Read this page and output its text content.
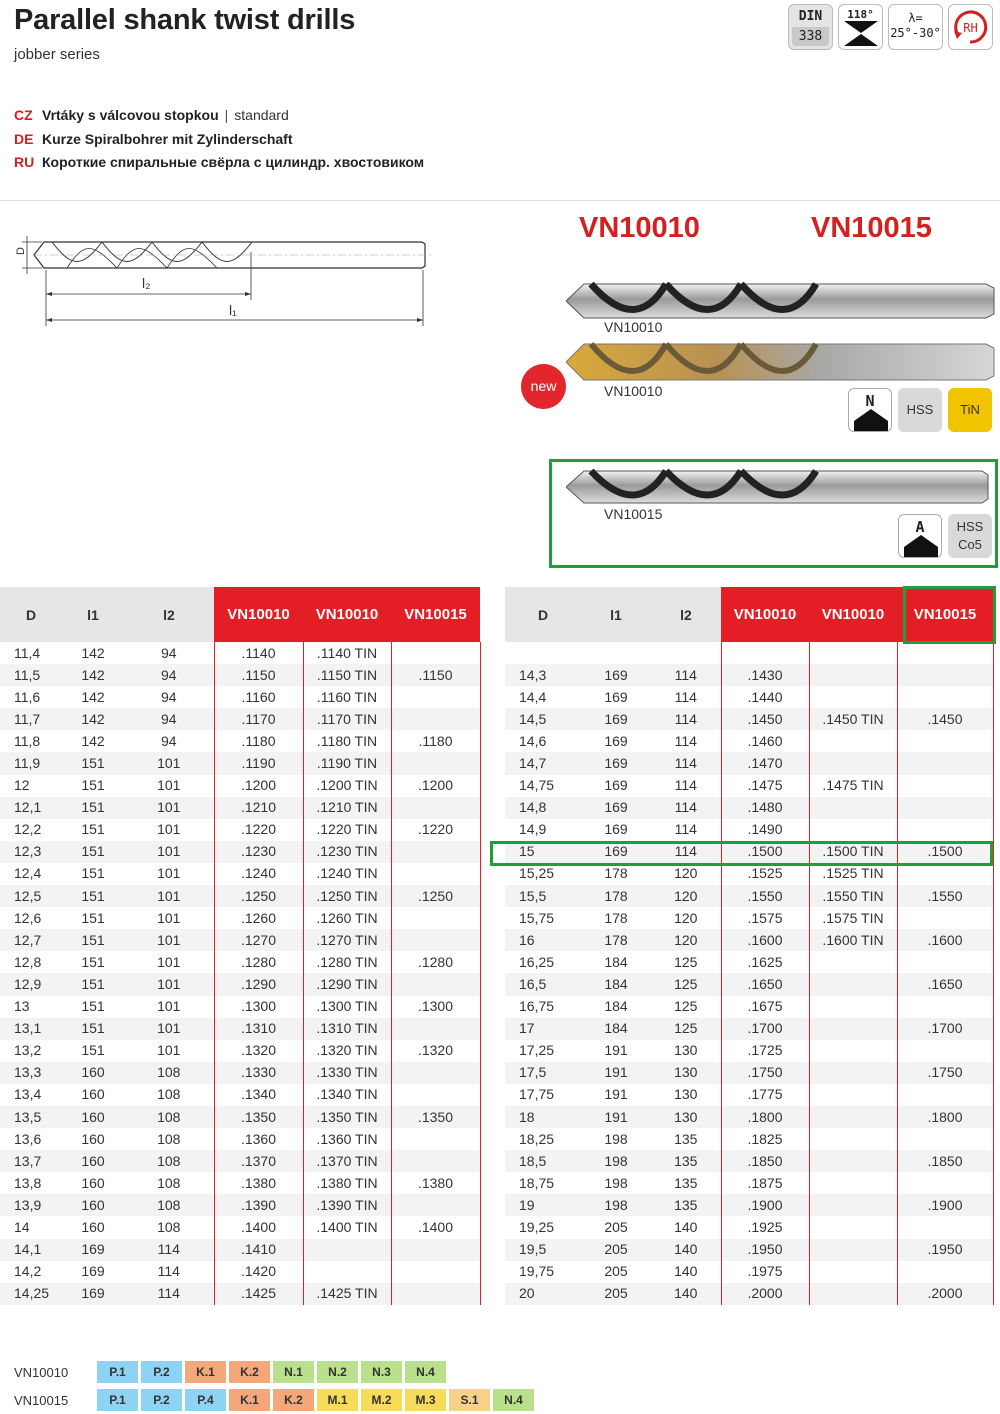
Parallel shank twist drills
jobber series
CZ Vrtáky s válcovou stopkou | standard
DE Kurze Spiralbohrer mit Zylinderschaft
RU Короткие спиральные свёрла с цилиндр. хвостовиком
DIN
338
118°	λ=
25°-30°	RH
D
l₂
l₁
VN10010	VN10015
VN10010
new	VN10010
N	HSS	TiN
VN10015
A	HSS
Co5
D	l1	l2	VN10010	VN10010	VN10015
11,4	142	94	.1140	.1140 TIN	
11,5	142	94	.1150	.1150 TIN	.1150
11,6	142	94	.1160	.1160 TIN	
11,7	142	94	.1170	.1170 TIN	
11,8	142	94	.1180	.1180 TIN	.1180
11,9	151	101	.1190	.1190 TIN	
12	151	101	.1200	.1200 TIN	.1200
12,1	151	101	.1210	.1210 TIN	
12,2	151	101	.1220	.1220 TIN	.1220
12,3	151	101	.1230	.1230 TIN	
12,4	151	101	.1240	.1240 TIN	
12,5	151	101	.1250	.1250 TIN	.1250
12,6	151	101	.1260	.1260 TIN	
12,7	151	101	.1270	.1270 TIN	
12,8	151	101	.1280	.1280 TIN	.1280
12,9	151	101	.1290	.1290 TIN	
13	151	101	.1300	.1300 TIN	.1300
13,1	151	101	.1310	.1310 TIN	
13,2	151	101	.1320	.1320 TIN	.1320
13,3	160	108	.1330	.1330 TIN	
13,4	160	108	.1340	.1340 TIN	
13,5	160	108	.1350	.1350 TIN	.1350
13,6	160	108	.1360	.1360 TIN	
13,7	160	108	.1370	.1370 TIN	
13,8	160	108	.1380	.1380 TIN	.1380
13,9	160	108	.1390	.1390 TIN	
14	160	108	.1400	.1400 TIN	.1400
14,1	169	114	.1410		
14,2	169	114	.1420		
14,25	169	114	.1425	.1425 TIN	
D	l1	l2	VN10010	VN10010	VN10015

14,3	169	114	.1430		
14,4	169	114	.1440		
14,5	169	114	.1450	.1450 TIN	.1450
14,6	169	114	.1460		
14,7	169	114	.1470		
14,75	169	114	.1475	.1475 TIN	
14,8	169	114	.1480		
14,9	169	114	.1490		
15	169	114	.1500	.1500 TIN	.1500
15,25	178	120	.1525	.1525 TIN	
15,5	178	120	.1550	.1550 TIN	.1550
15,75	178	120	.1575	.1575 TIN	
16	178	120	.1600	.1600 TIN	.1600
16,25	184	125	.1625		
16,5	184	125	.1650		.1650
16,75	184	125	.1675		
17	184	125	.1700		.1700
17,25	191	130	.1725		
17,5	191	130	.1750		.1750
17,75	191	130	.1775		
18	191	130	.1800		.1800
18,25	198	135	.1825		
18,5	198	135	.1850		.1850
18,75	198	135	.1875		
19	198	135	.1900		.1900
19,25	205	140	.1925		
19,5	205	140	.1950		.1950
19,75	205	140	.1975		
20	205	140	.2000		.2000
VN10010	P.1	P.2	K.1	K.2	N.1	N.2	N.3	N.4
VN10015	P.1	P.2	P.4	K.1	K.2	M.1	M.2	M.3	S.1	N.4
